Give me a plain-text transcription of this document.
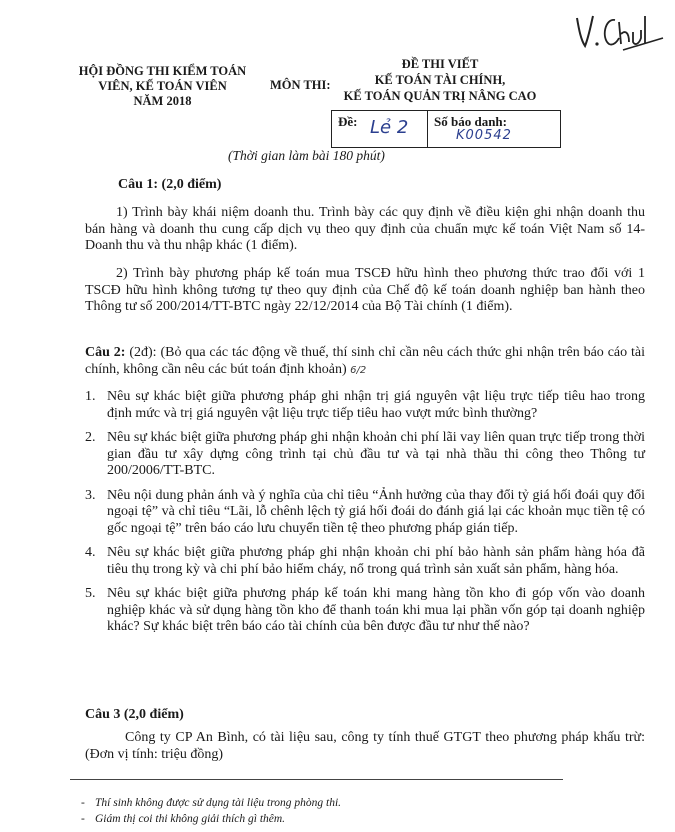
HỘI ĐỒNG THI KIỂM TOÁN
VIÊN, KẾ TOÁN VIÊN
NĂM 2018
MÔN THI:
ĐỀ THI VIẾT
KẾ TOÁN TÀI CHÍNH,
KẾ TOÁN QUẢN TRỊ NÂNG CAO
Đề: Lẻ 2 Số báo danh:
K00542
(Thời gian làm bài 180 phút)
Câu 1: (2,0 điểm)
1) Trình bày khái niệm doanh thu. Trình bày các quy định về điều kiện ghi nhận doanh thu bán hàng và doanh thu cung cấp dịch vụ theo quy định của chuẩn mực kế toán Việt Nam số 14- Doanh thu và thu nhập khác (1 điểm).
2) Trình bày phương pháp kế toán mua TSCĐ hữu hình theo phương thức trao đổi với 1 TSCĐ hữu hình không tương tự theo quy định của Chế độ kế toán doanh nghiệp ban hành theo Thông tư số 200/2014/TT-BTC ngày 22/12/2014 của Bộ Tài chính (1 điểm).
Câu 2: (2đ): (Bỏ qua các tác động về thuế, thí sinh chỉ cần nêu cách thức ghi nhận trên báo cáo tài chính, không cần nêu các bút toán định khoản) 6/2
1. Nêu sự khác biệt giữa phương pháp ghi nhận trị giá nguyên vật liệu trực tiếp tiêu hao trong định mức và trị giá nguyên vật liệu trực tiếp tiêu hao vượt mức bình thường?
2. Nêu sự khác biệt giữa phương pháp ghi nhận khoản chi phí lãi vay liên quan trực tiếp trong thời gian đầu tư xây dựng công trình tại chủ đầu tư và tại nhà thầu thi công theo Thông tư 200/2006/TT-BTC.
3. Nêu nội dung phản ánh và ý nghĩa của chỉ tiêu “Ảnh hưởng của thay đổi tỷ giá hối đoái quy đổi ngoại tệ” và chỉ tiêu “Lãi, lỗ chênh lệch tỷ giá hối đoái do đánh giá lại các khoản mục tiền tệ có gốc ngoại tệ” trên báo cáo lưu chuyển tiền tệ theo phương pháp gián tiếp.
4. Nêu sự khác biệt giữa phương pháp ghi nhận khoản chi phí bảo hành sản phẩm hàng hóa đã tiêu thụ trong kỳ và chi phí bảo hiểm cháy, nổ trong quá trình sản xuất sản phẩm, hàng hóa.
5. Nêu sự khác biệt giữa phương pháp kế toán khi mang hàng tồn kho đi góp vốn vào doanh nghiệp khác và sử dụng hàng tồn kho để thanh toán khi mua lại phần vốn góp tại doanh nghiệp khác? Sự khác biệt trên báo cáo tài chính của bên được đầu tư như thế nào?
Câu 3 (2,0 điểm)
Công ty CP An Bình, có tài liệu sau, công ty tính thuế GTGT theo phương pháp khấu trừ: (Đơn vị tính: triệu đồng)
- Thí sinh không được sử dụng tài liệu trong phòng thi.
- Giám thị coi thi không giải thích gì thêm.
